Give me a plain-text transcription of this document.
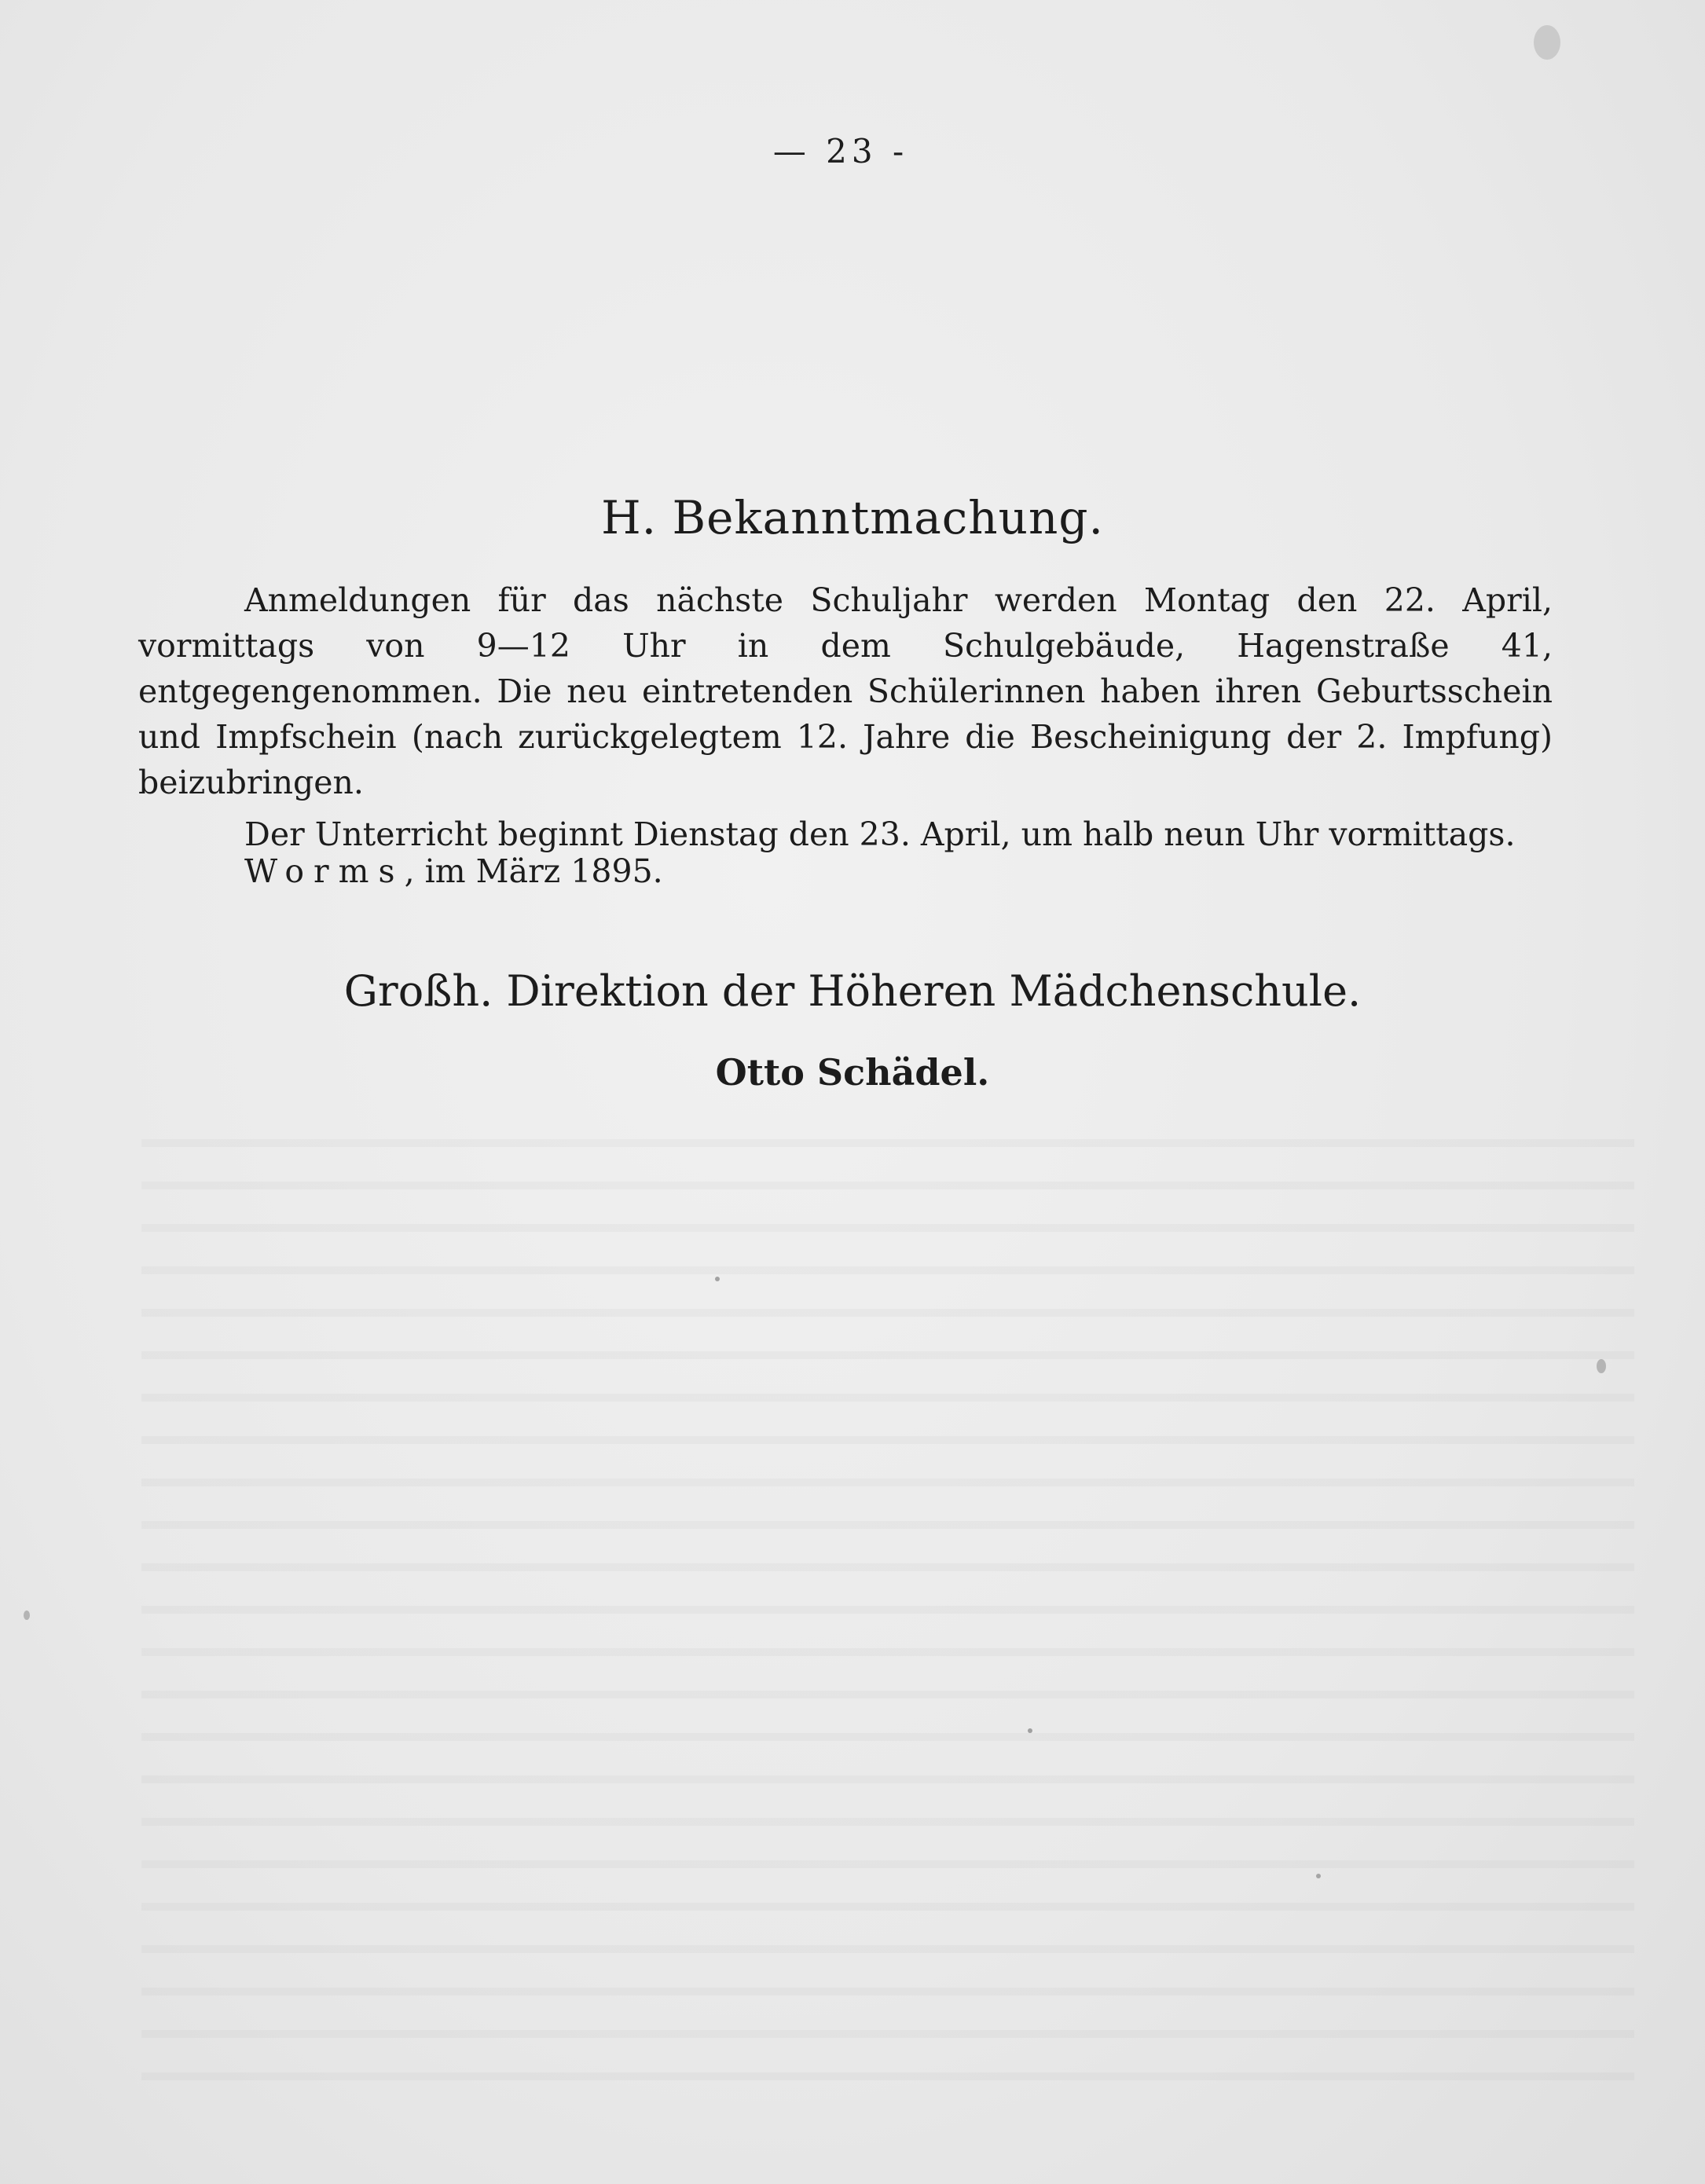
— 23 -
H. Bekanntmachung.

Anmeldungen für das nächste Schuljahr werden Montag den 22. April, vormittags von 9—12 Uhr in dem Schulgebäude, Hagenstraße 41, entgegengenommen. Die neu eintretenden Schülerinnen haben ihren Geburtsschein und Impfschein (nach zurückgelegtem 12. Jahre die Bescheinigung der 2. Impfung) beizubringen.

Der Unterricht beginnt Dienstag den 23. April, um halb neun Uhr vormittags.

Worms, im März 1895.
Großh. Direktion der Höheren Mädchenschule.
Otto Schädel.
